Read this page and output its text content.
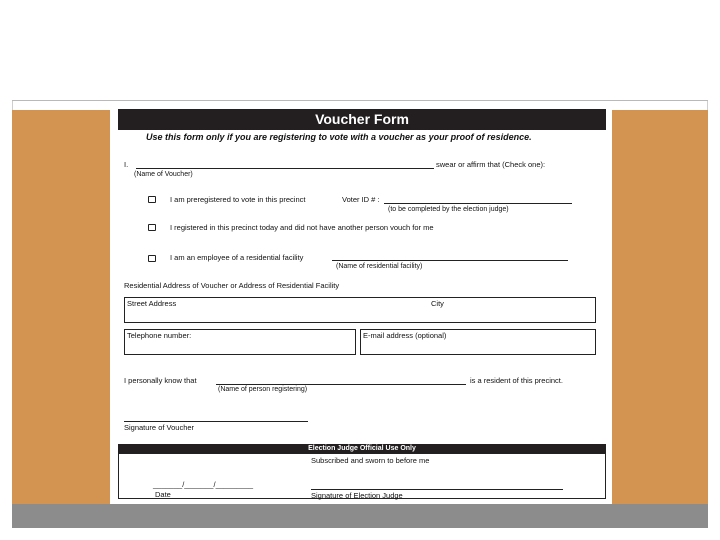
Voucher Form
Use this form only if you are registering to vote with a voucher as your proof of residence.
I.	swear or affirm that (Check one):
(Name of Voucher)
I am preregistered to vote in this precinct	Voter ID # :
(to be completed by the election judge)
I registered in this precinct today and did not have another person vouch for me
I am an employee of a residential facility
(Name of residential facility)
Residential Address of Voucher or Address of Residential Facility
Street Address	City
Telephone number:	E-mail address (optional)
I personally know that	is a resident of this precinct.
(Name of person registering)
Signature of Voucher
Election Judge Official Use Only
Subscribed and sworn to before me
_______/_______/_________
Date	Signature of Election Judge
